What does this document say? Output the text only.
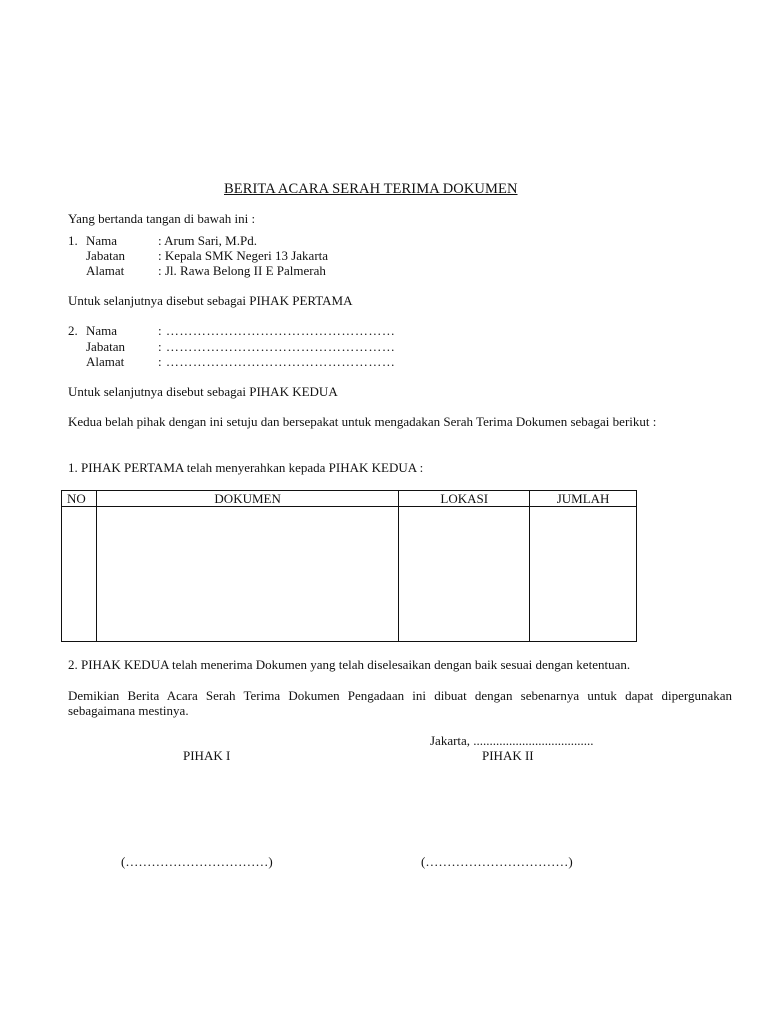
BERITA ACARA SERAH TERIMA DOKUMEN
Yang bertanda tangan di bawah ini :
1. Nama	: Arum Sari, M.Pd.
Jabatan	: Kepala SMK Negeri 13 Jakarta
Alamat	: Jl. Rawa Belong II E Palmerah
Untuk selanjutnya disebut sebagai PIHAK PERTAMA
2. Nama	: ……………………………………………
Jabatan	: ……………………………………………
Alamat	: ……………………………………………
Untuk selanjutnya disebut sebagai PIHAK KEDUA
Kedua belah pihak dengan ini setuju dan bersepakat untuk mengadakan Serah Terima Dokumen sebagai berikut :
1. PIHAK PERTAMA telah menyerahkan kepada PIHAK KEDUA :
NO	DOKUMEN	LOKASI	JUMLAH

2. PIHAK KEDUA telah menerima Dokumen yang telah diselesaikan dengan baik sesuai dengan ketentuan.
Demikian Berita Acara Serah Terima Dokumen Pengadaan ini dibuat dengan sebenarnya untuk dapat dipergunakan sebagaimana mestinya.
Jakarta, .....................................
PIHAK I	PIHAK II
(……………………………)	(……………………………)
